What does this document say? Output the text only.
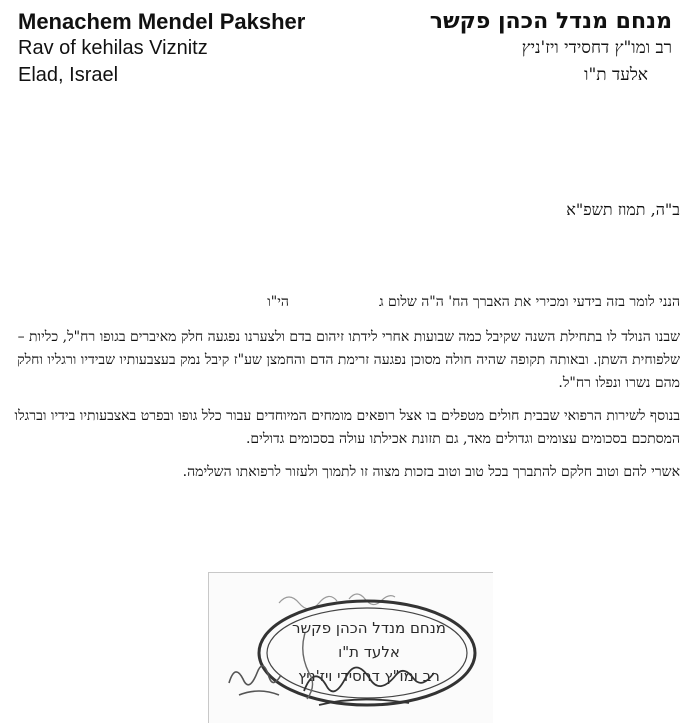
Menachem Mendel Paksher
Rav of kehilas Viznitz
Elad, Israel
מנחם מנדל הכהן פקשר
רב ומו"ץ דחסידי ויז'ניץ
אלעד ת"ו
ב"ה, תמוז תשפ"א

הנני לומר בזה בידעי ומכירי את האברך הח' ה"ה שלום גהי"ו

שבנו הנולד לו בתחילת השנה שקיבל כמה שבועות אחרי לידתו זיהום בדם ולצערנו נפגעה חלק מאיברים בגופו רח"ל, כליות – שלפוחית השתן. ובאותה תקופה שהיה חולה מסוכן נפגעה זרימת הדם והחמצן שע"ז קיבל נמק בעצבעותיו שבידיו ורגליו וחלק מהם נשרו ונפלו רח"ל.

בנוסף לשירות הרפואי שבבית חולים מטפלים בו אצל רופאים מומחים המיוחדים עבור כלל גופו ובפרט באצבעותיו בידיו וברגלו המסתכם בסכומים עצומים וגדולים מאד, גם תזונת אכילתו עולה בסכומים גדולים.

אשרי להם וטוב חלקם להתברך בכל טוב וטוב בזכות מצוה זו לתמוך ולעזור לרפואתו השלימה.

מנחם מנדל הכהן פקשר
אלעד ת"ו
רב ומו"ץ דחסידי ויז'ניץ
